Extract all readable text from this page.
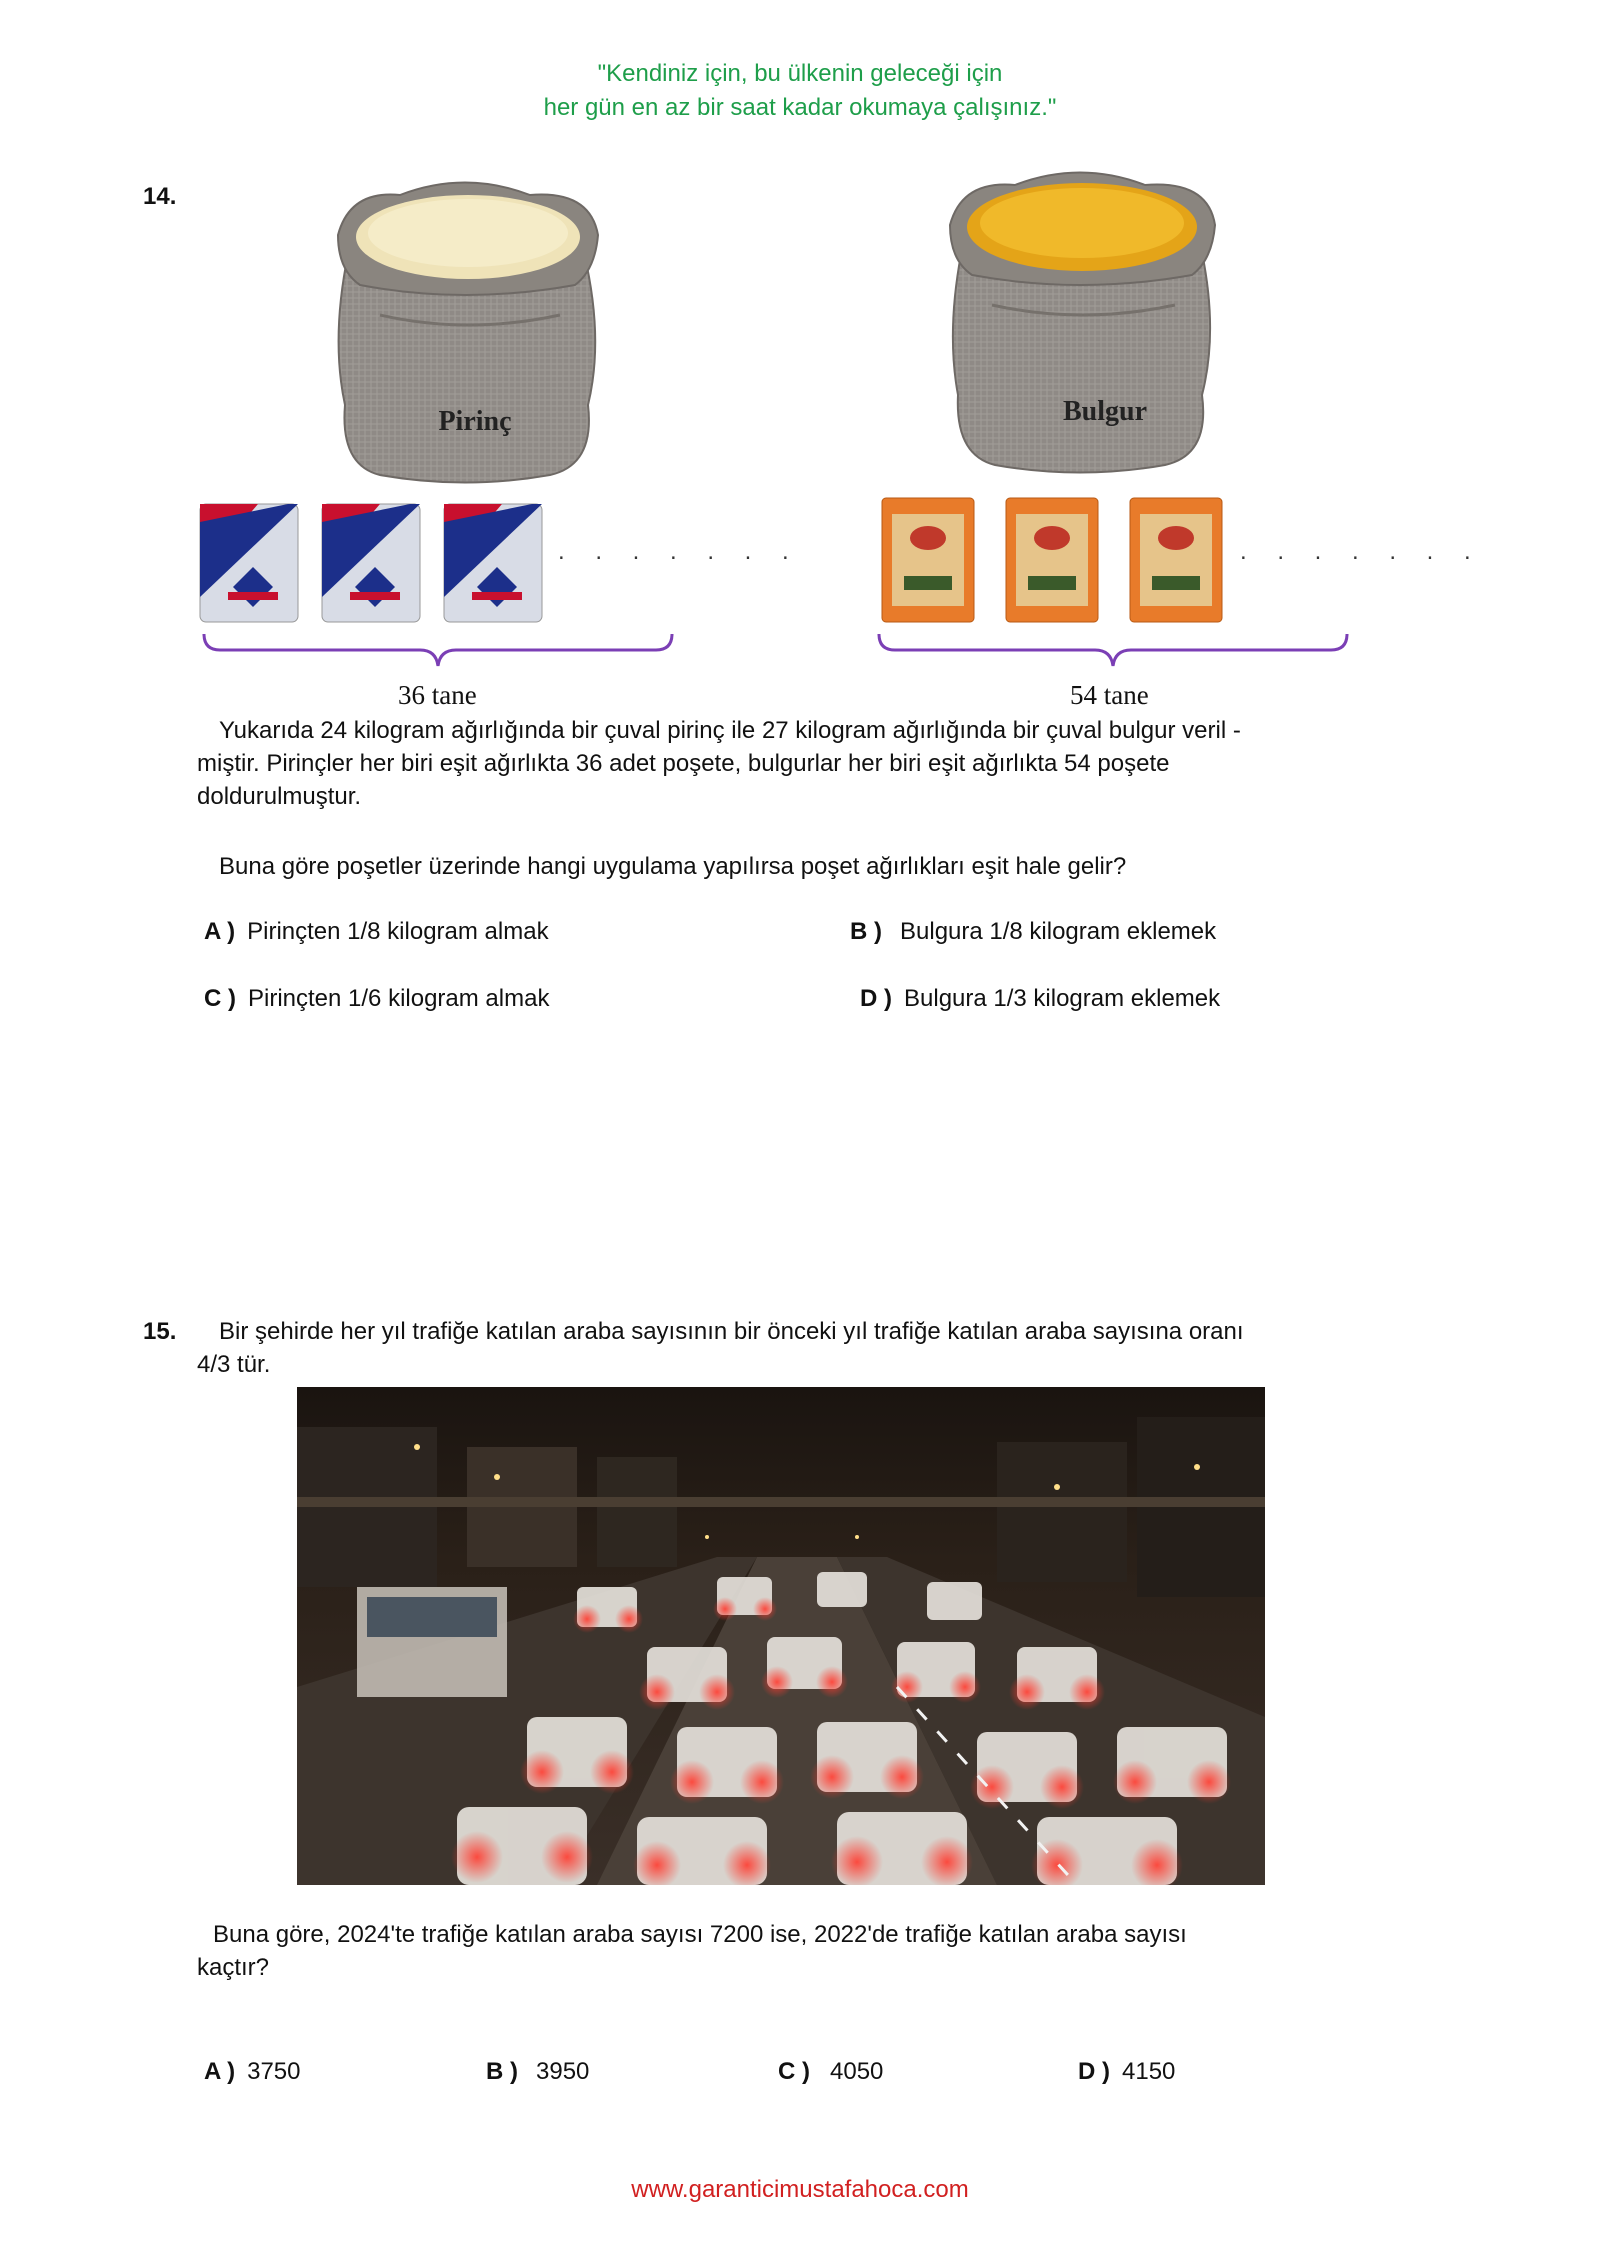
"Kendiniz için, bu ülkenin geleceği için
her gün en az bir saat kadar okumaya çalışınız."
14.
Pirinç	Bulgur
. . . . . . .	. . . . . . .
36 tane	54 tane
Yukarıda 24 kilogram ağırlığında bir çuval pirinç ile 27 kilogram ağırlığında bir çuval bulgur veril -
miştir. Pirinçler her biri eşit ağırlıkta 36 adet poşete, bulgurlar her biri eşit ağırlıkta 54 poşete
doldurulmuştur.
Buna göre poşetler üzerinde hangi uygulama yapılırsa poşet ağırlıkları eşit hale gelir?
A ) Pirinçten 1/8 kilogram almak	B ) Bulgura 1/8 kilogram eklemek
C ) Pirinçten 1/6 kilogram almak	D ) Bulgura 1/3 kilogram eklemek
15.	Bir şehirde her yıl trafiğe katılan araba sayısının bir önceki yıl trafiğe katılan araba sayısına oranı
4/3 tür.
Buna göre, 2024'te trafiğe katılan araba sayısı 7200 ise, 2022'de trafiğe katılan araba sayısı
kaçtır?
A ) 3750	B ) 3950	C ) 4050	D ) 4150
www.garanticimustafahoca.com
